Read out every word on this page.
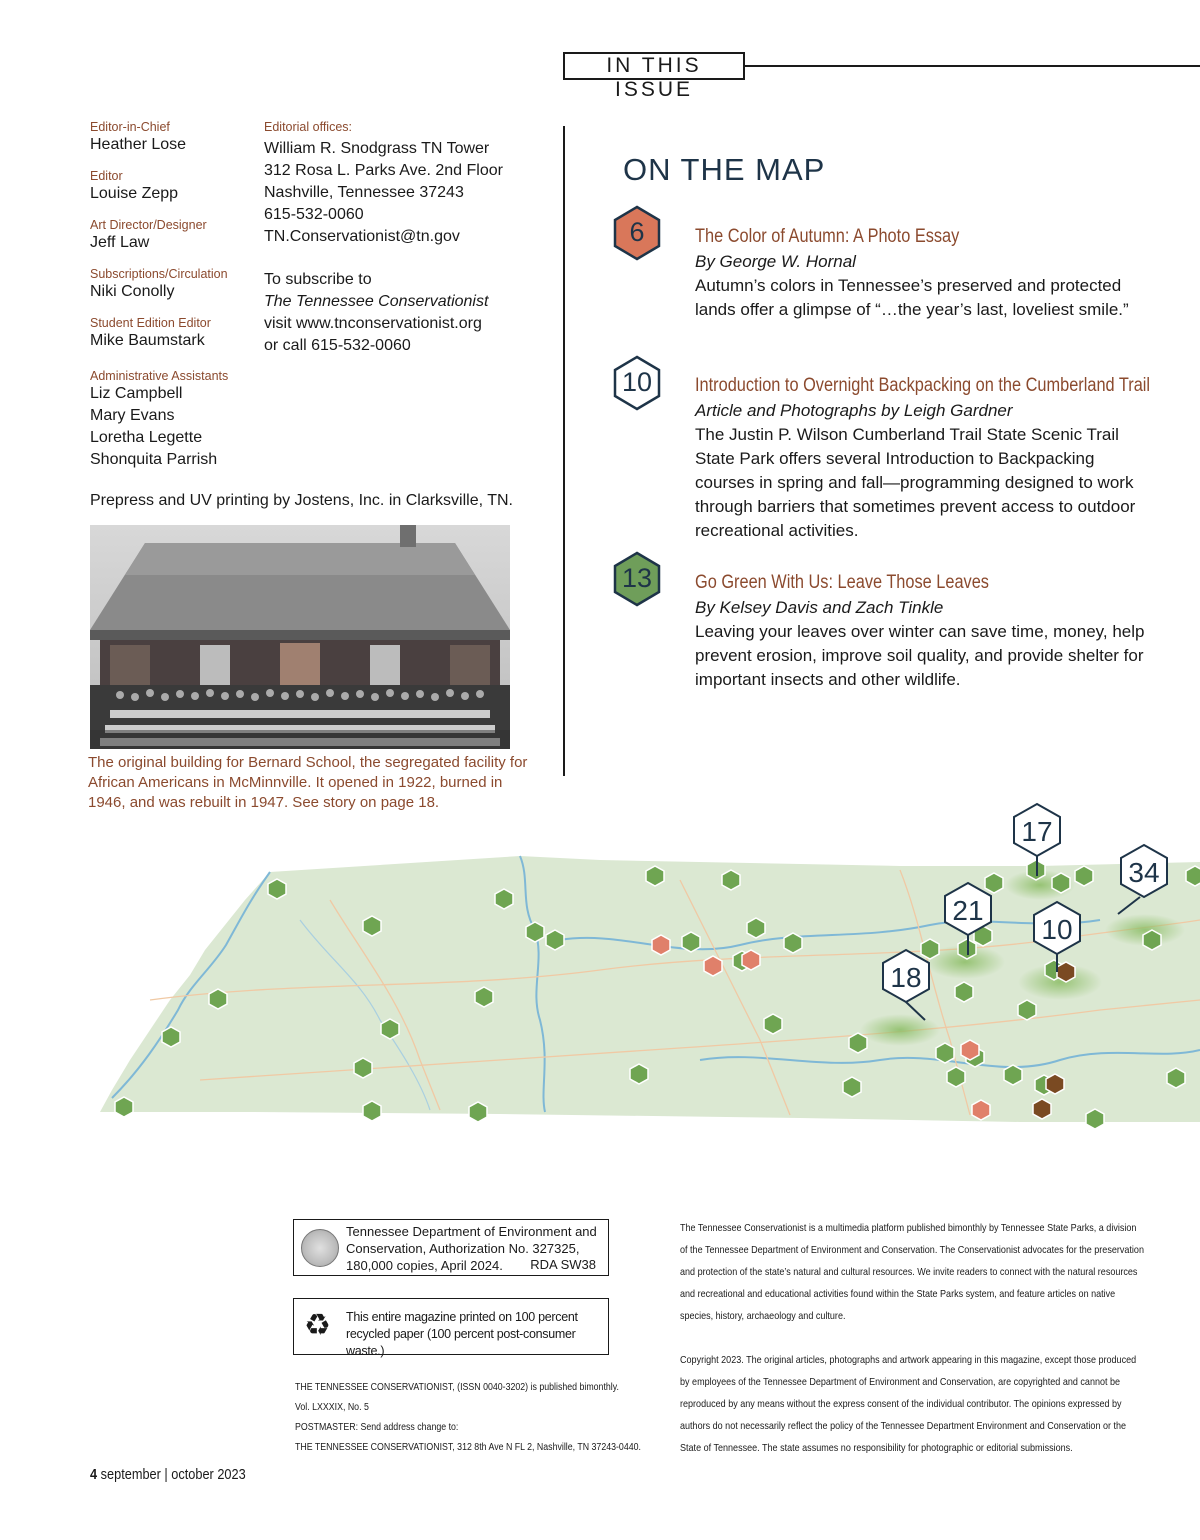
IN THIS ISSUE
Editor-in-Chief
Heather Lose
Editor
Louise Zepp
Art Director/Designer
Jeff Law
Subscriptions/Circulation
Niki Conolly
Student Edition Editor
Mike Baumstark
Administrative Assistants
Liz Campbell
Mary Evans
Loretha Legette
Shonquita Parrish
Editorial offices:
William R. Snodgrass TN Tower
312 Rosa L. Parks Ave. 2nd Floor
Nashville, Tennessee 37243
615-532-0060
TN.Conservationist@tn.gov
To subscribe to
The Tennessee Conservationist
visit www.tnconservationist.org
or call 615-532-0060
Prepress and UV printing by Jostens, Inc. in Clarksville, TN.
The original building for Bernard School, the segregated facility for African Americans in McMinnville. It opened in 1922, burned in 1946, and was rebuilt in 1947. See story on page 18.
ON THE MAP
6	The Color of Autumn: A Photo Essay
By George W. Hornal
Autumn’s colors in Tennessee’s preserved and protected lands offer a glimpse of “…the year’s last, loveliest smile.”
10	Introduction to Overnight Backpacking on the Cumberland Trail
Article and Photographs by Leigh Gardner
The Justin P. Wilson Cumberland Trail State Scenic Trail State Park offers several Introduction to Backpacking courses in spring and fall—programming designed to work through barriers that sometimes prevent access to outdoor recreational activities.
13	Go Green With Us: Leave Those Leaves
By Kelsey Davis and Zach Tinkle
Leaving your leaves over winter can save time, money, help prevent erosion, improve soil quality, and provide shelter for important insects and other wildlife.
17
34
21
10
18
Tennessee Department of Environment and Conservation, Authorization No. 327325, 180,000 copies, April 2024.	RDA SW38
♻ This entire magazine printed on 100 percent recycled paper (100 percent post-consumer waste.)
THE TENNESSEE CONSERVATIONIST, (ISSN 0040-3202) is published bimonthly.
Vol. LXXXIX, No. 5
POSTMASTER: Send address change to:
THE TENNESSEE CONSERVATIONIST, 312 8th Ave N FL 2, Nashville, TN 37243-0440.

The Tennessee Conservationist is a multimedia platform published bimonthly by Tennessee State Parks, a division of the Tennessee Department of Environment and Conservation. The Conservationist advocates for the preservation and protection of the state’s natural and cultural resources. We invite readers to connect with the natural resources and recreational and educational activities found within the State Parks system, and feature articles on native species, history, archaeology and culture.

Copyright 2023. The original articles, photographs and artwork appearing in this magazine, except those produced by employees of the Tennessee Department of Environment and Conservation, are copyrighted and cannot be reproduced by any means without the express consent of the individual contributor. The opinions expressed by authors do not necessarily reflect the policy of the Tennessee Department Environment and Conservation or the State of Tennessee. The state assumes no responsibility for photographic or editorial submissions.

4 september | october 2023
